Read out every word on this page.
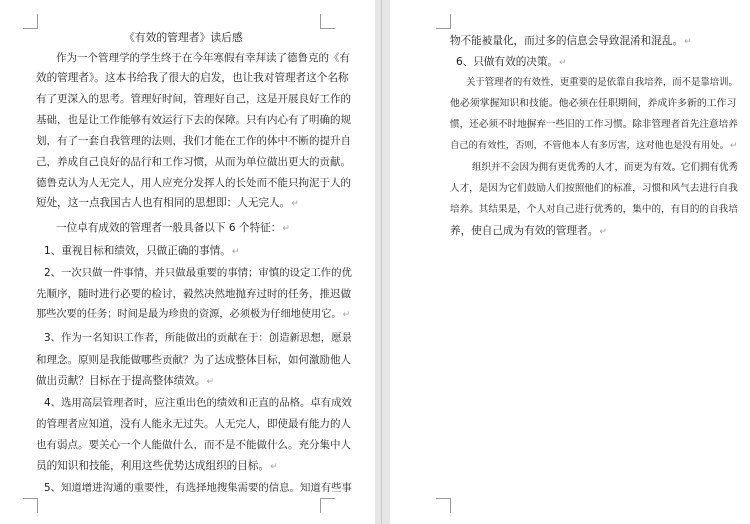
《有效的管理者》读后感
作为一个管理学的学生终于在今年寒假有幸拜读了德鲁克的《有
效的管理者》。这本书给我了很大的启发，也让我对管理者这个名称
有了更深入的思考。管理好时间，管理好自己，这是开展良好工作的
基础，也是让工作能够有效运行下去的保障。只有内心有了明确的规
划，有了一套自我管理的法则，我们才能在工作的体中不断的提升自
己，养成自己良好的品行和工作习惯，从而为单位做出更大的贡献。
德鲁克认为人无完人，用人应充分发挥人的长处而不能只拘泥于人的
短处，这一点我国古人也有相同的思想即：人无完人。↵
一位卓有成效的管理者一般具备以下 6 个特征：↵
1、重视目标和绩效，只做正确的事情。↵
2、一次只做一件事情，并只做最重要的事情；审慎的设定工作的优
先顺序，随时进行必要的检讨，毅然决然地抛弃过时的任务，推迟做
那些次要的任务；时间是最为珍贵的资源，必须极为仔细地使用它。↵
3、作为一名知识工作者，所能做出的贡献在于：创造新思想，愿景
和理念。原则是我能做哪些贡献？为了达成整体目标，如何激励他人
做出贡献？目标在于提高整体绩效。↵
4、选用高层管理者时，应注重出色的绩效和正直的品格。卓有成效
的管理者应知道，没有人能永无过失。人无完人，即使最有能力的人
也有弱点。要关心一个人能做什么，而不是不能做什么。充分集中人
员的知识和技能，利用这些优势达成组织的目标。↵
5、知道增进沟通的重要性，有选择地搜集需要的信息。知道有些事
物不能被量化，而过多的信息会导致混淆和混乱。↵
6、只做有效的决策。↵
关于管理者的有效性，更重要的是依靠自我培养，而不是靠培训。
他必须掌握知识和技能。他必须在任职期间，养成许多新的工作习
惯，还必须不时地摒弃一些旧的工作习惯。除非管理者首先注意培养
自己的有效性，否则，不管他本人有多厉害，这对他也是没有用处。↵
组织并不会因为拥有更优秀的人才，而更为有效。它们拥有优秀
人才，是因为它们鼓励人们按照他们的标准，习惯和风气去进行自我
培养。其结果是，个人对自己进行优秀的，集中的，有目的的自我培
养，使自己成为有效的管理者。↵
